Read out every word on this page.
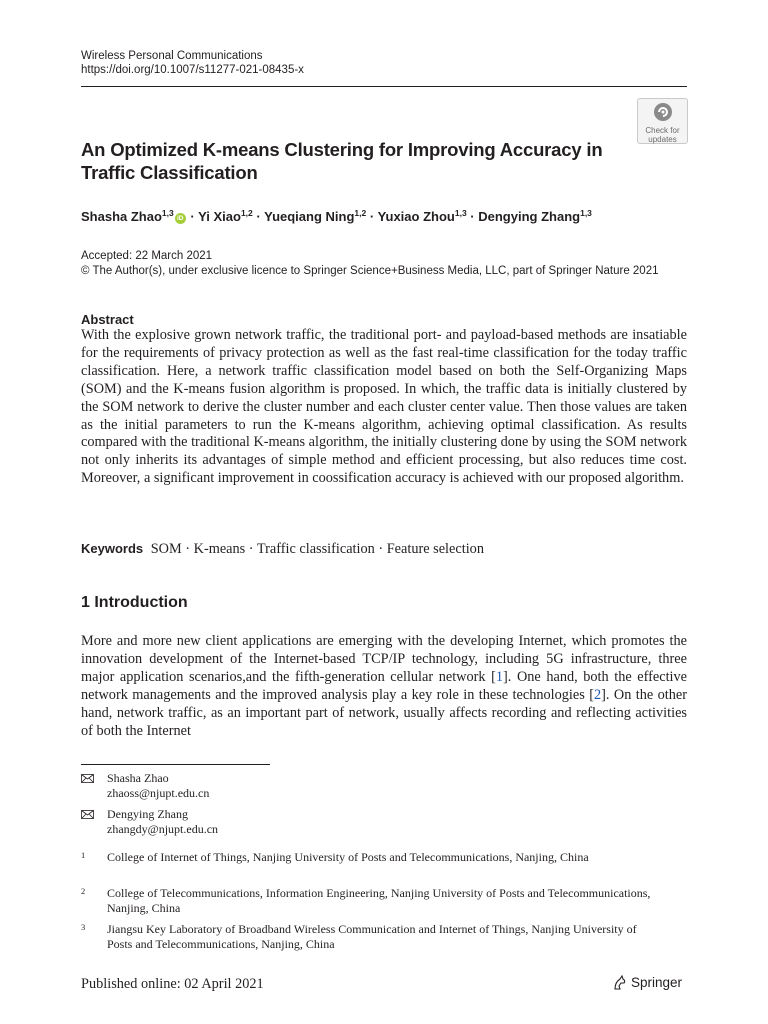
Wireless Personal Communications
https://doi.org/10.1007/s11277-021-08435-x
Check for
updates
An Optimized K-means Clustering for Improving Accuracy in Traffic Classification
Shasha Zhao$^{1,3}$iD · Yi Xiao$^{1,2}$ · Yueqiang Ning$^{1,2}$ · Yuxiao Zhou$^{1,3}$ · Dengying Zhang$^{1,3}$
Accepted: 22 March 2021
© The Author(s), under exclusive licence to Springer Science+Business Media, LLC, part of Springer Nature 2021
Abstract

With the explosive grown network traffic, the traditional port- and payload-based methods are insatiable for the requirements of privacy protection as well as the fast real-time classification for the today traffic classification. Here, a network traffic classification model based on both the Self-Organizing Maps (SOM) and the K-means fusion algorithm is proposed. In which, the traffic data is initially clustered by the SOM network to derive the cluster number and each cluster center value. Then those values are taken as the initial parameters to run the K-means algorithm, achieving optimal classification. As results compared with the traditional K-means algorithm, the initially clustering done by using the SOM network not only inherits its advantages of simple method and efficient processing, but also reduces time cost. Moreover, a significant improvement in coossification accuracy is achieved with our proposed algorithm.

Keywords SOM · K-means · Traffic classification · Feature selection
1 Introduction

More and more new client applications are emerging with the developing Internet, which promotes the innovation development of the Internet-based TCP/IP technology, including 5G infrastructure, three major application scenarios,and the fifth-generation cellular network [1]. One hand, both the effective network managements and the improved analysis play a key role in these technologies [2]. On the other hand, network traffic, as an important part of network, usually affects recording and reflecting activities of both the Internet

Shasha Zhao
zhaoss@njupt.edu.cn
Dengying Zhang
zhangdy@njupt.edu.cn
1 College of Internet of Things, Nanjing University of Posts and Telecommunications, Nanjing, China
2 College of Telecommunications, Information Engineering, Nanjing University of Posts and Telecommunications, Nanjing, China
3 Jiangsu Key Laboratory of Broadband Wireless Communication and Internet of Things, Nanjing University of Posts and Telecommunications, Nanjing, China
Published online: 02 April 2021	Springer
